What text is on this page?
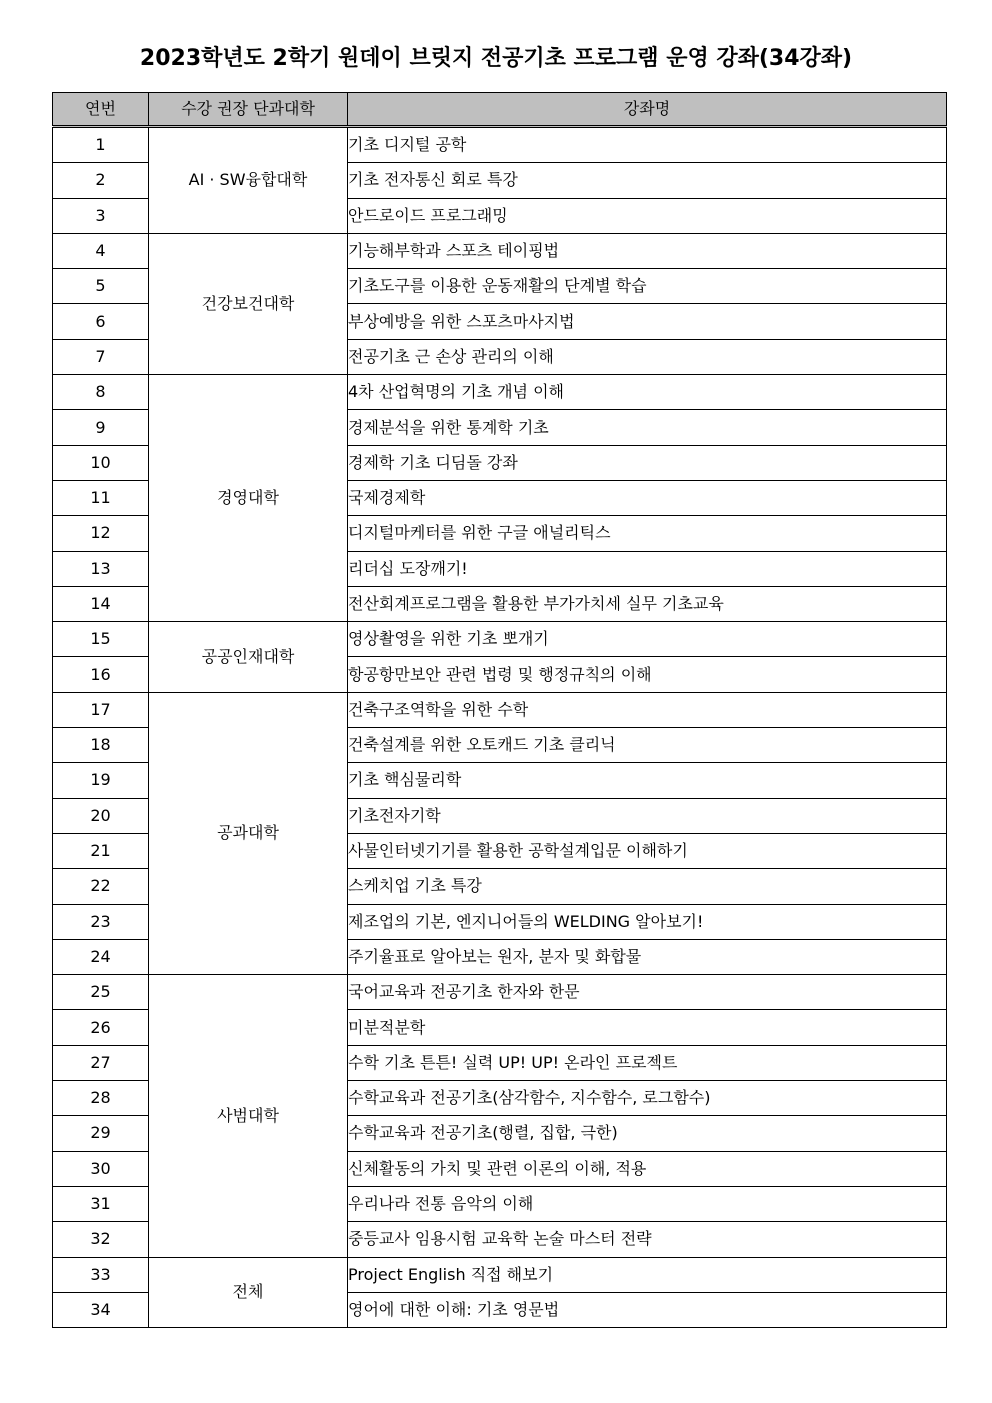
2023학년도 2학기 원데이 브릿지 전공기초 프로그램 운영 강좌(34강좌)
연번	수강 권장 단과대학	강좌명
1	AI · SW융합대학	기초 디지털 공학
2		기초 전자통신 회로 특강
3		안드로이드 프로그래밍
4	건강보건대학	기능해부학과 스포츠 테이핑법
5		기초도구를 이용한 운동재활의 단계별 학습
6		부상예방을 위한 스포츠마사지법
7		전공기초 근 손상 관리의 이해
8	경영대학	4차 산업혁명의 기초 개념 이해
9		경제분석을 위한 통계학 기초
10		경제학 기초 디딤돌 강좌
11		국제경제학
12		디지털마케터를 위한 구글 애널리틱스
13		리더십 도장깨기!
14		전산회계프로그램을 활용한 부가가치세 실무 기초교육
15	공공인재대학	영상촬영을 위한 기초 뽀개기
16		항공항만보안 관련 법령 및 행정규칙의 이해
17	공과대학	건축구조역학을 위한 수학
18		건축설계를 위한 오토캐드 기초 클리닉
19		기초 핵심물리학
20		기초전자기학
21		사물인터넷기기를 활용한 공학설계입문 이해하기
22		스케치업 기초 특강
23		제조업의 기본, 엔지니어들의 WELDING 알아보기!
24		주기율표로 알아보는 원자, 분자 및 화합물
25	사범대학	국어교육과 전공기초 한자와 한문
26		미분적분학
27		수학 기초 튼튼! 실력 UP! UP! 온라인 프로젝트
28		수학교육과 전공기초(삼각함수, 지수함수, 로그함수)
29		수학교육과 전공기초(행렬, 집합, 극한)
30		신체활동의 가치 및 관련 이론의 이해, 적용
31		우리나라 전통 음악의 이해
32		중등교사 임용시험 교육학 논술 마스터 전략
33	전체	Project English 직접 해보기
34		영어에 대한 이해: 기초 영문법
